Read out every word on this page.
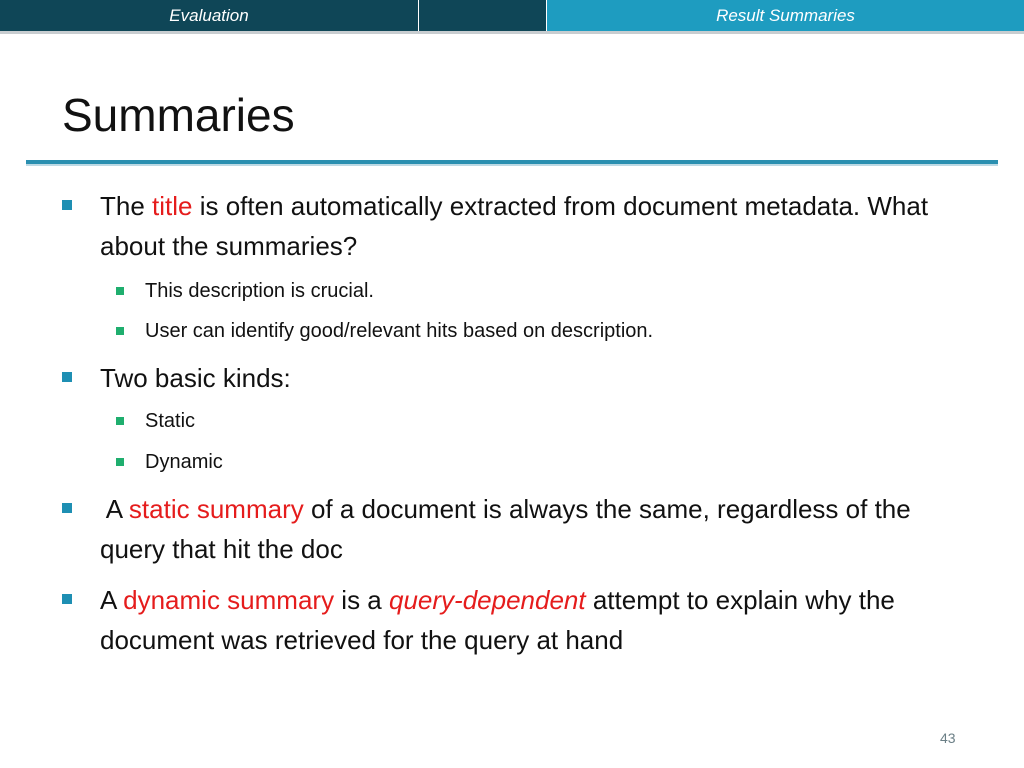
Evaluation	Result Summaries
Summaries
The title is often automatically extracted from document metadata. What about the summaries?
This description is crucial.
User can identify good/relevant hits based on description.
Two basic kinds:
Static
Dynamic
A static summary of a document is always the same, regardless of the query that hit the doc
A dynamic summary is a query-dependent attempt to explain why the document was retrieved for the query at hand
43
